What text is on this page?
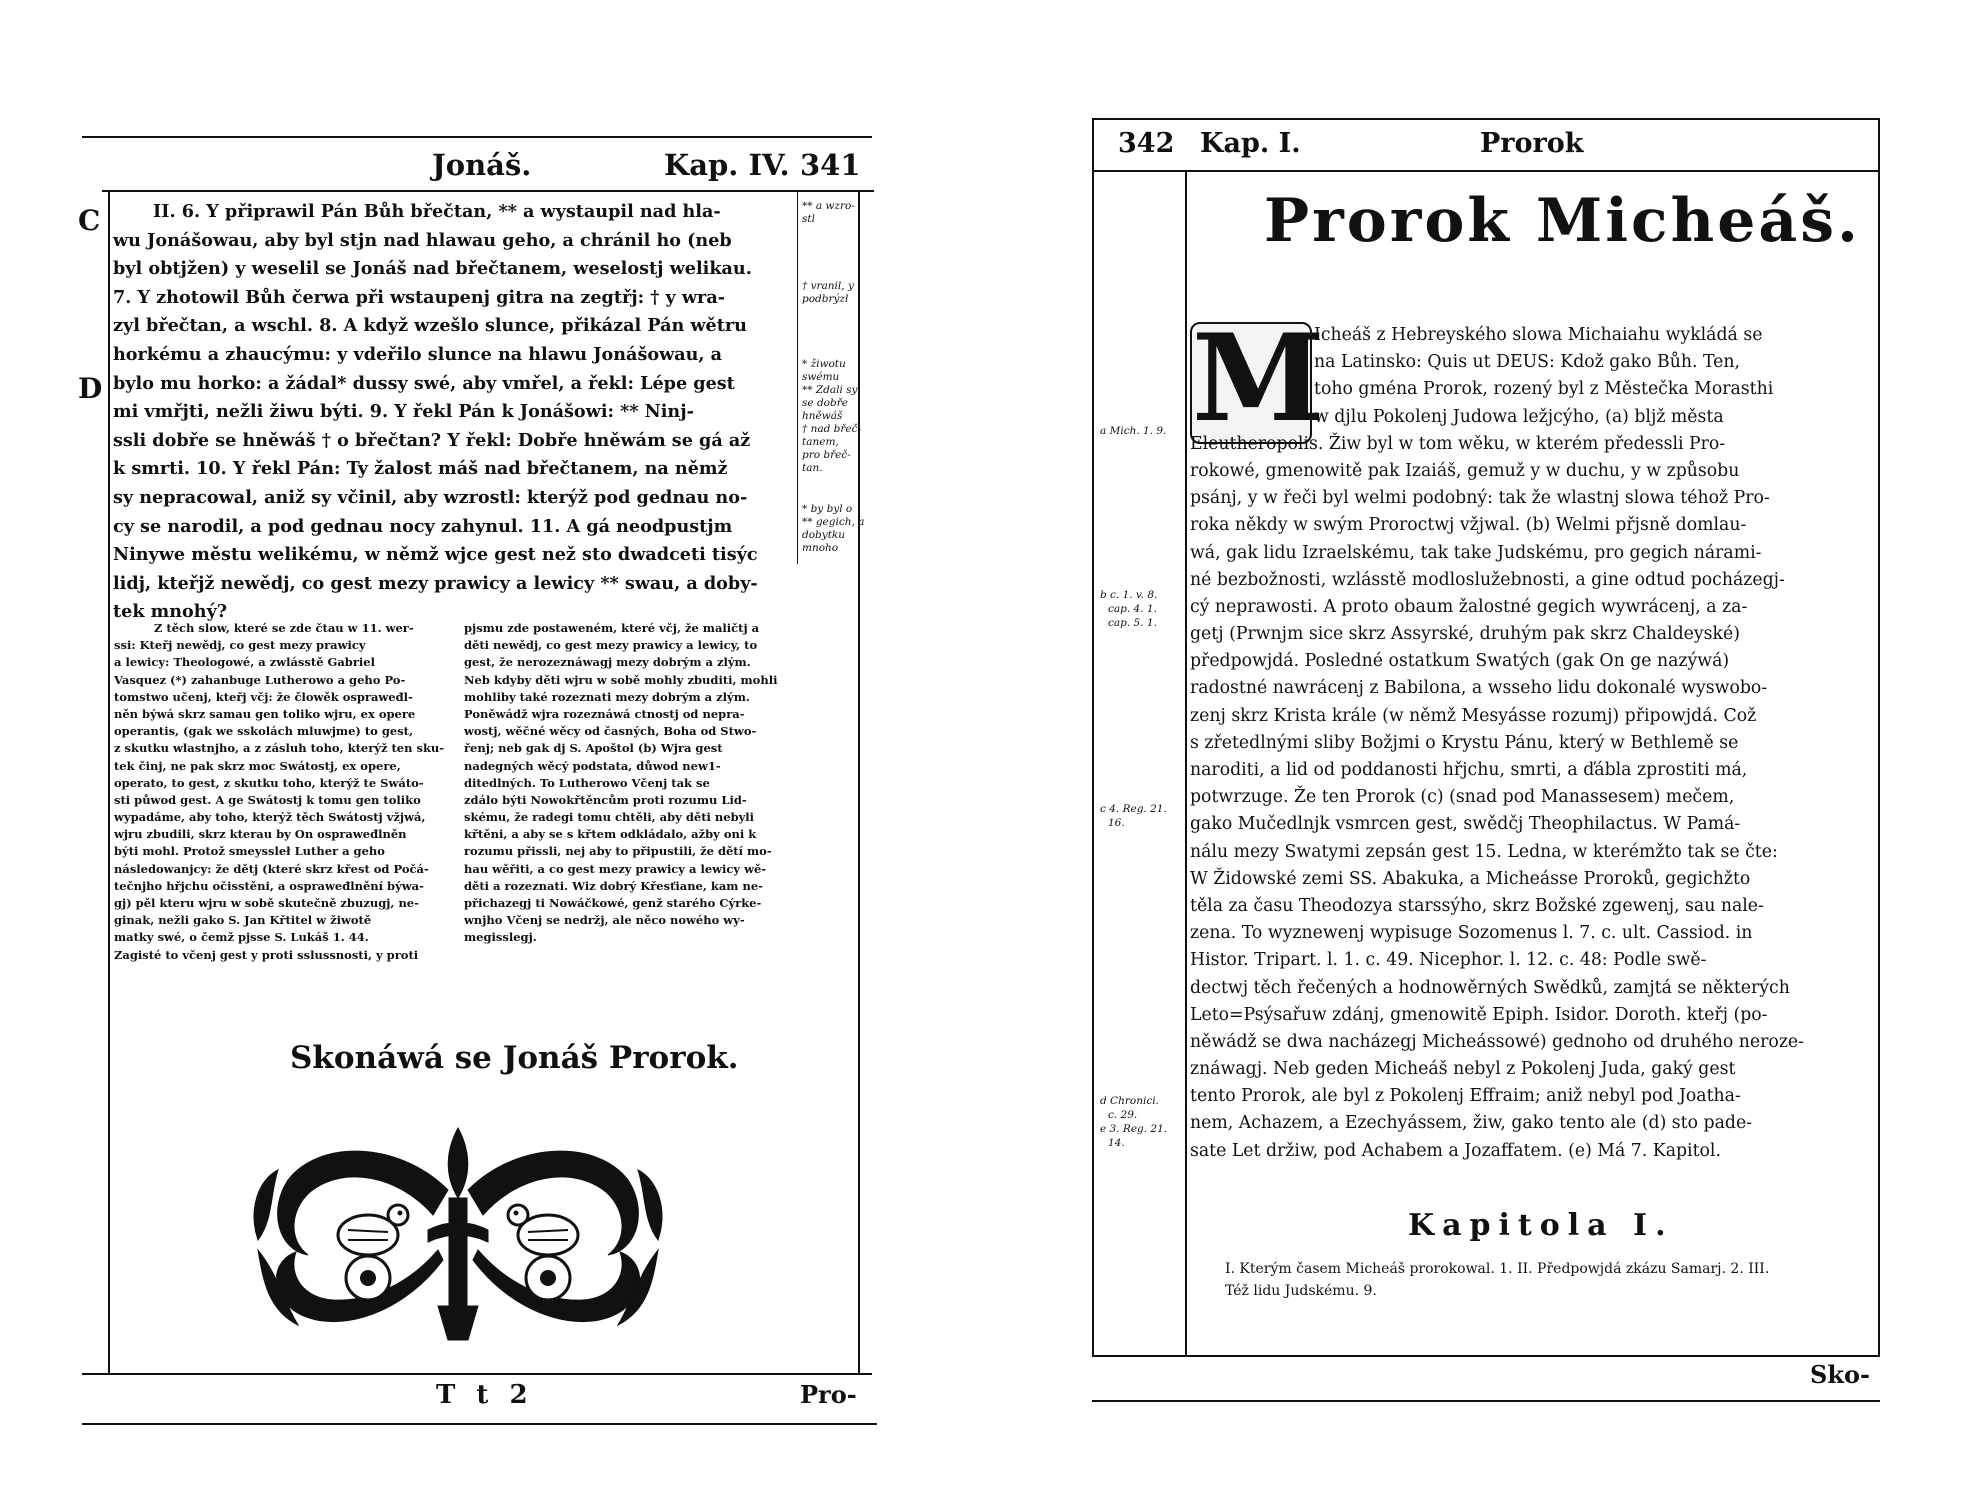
Jonáš.	Kap. IV. 341
C
D
II. 6. Y připrawil Pán Bůh břečtan, ** a wystaupil nad hla-
wu Jonášowau, aby byl stjn nad hlawau geho, a chránil ho (neb
byl obtjžen) y weselil se Jonáš nad břečtanem, weselostj welikau.
7. Y zhotowil Bůh čerwa při wstaupenj gitra na zegtřj: † y wra-
zyl břečtan, a wschl. 8. A když wzešlo slunce, přikázal Pán wětru
horkému a zhaucýmu: y vdeřilo slunce na hlawu Jonášowau, a
bylo mu horko: a žádal* dussy swé, aby vmřel, a řekl: Lépe gest
mi vmřjti, nežli žiwu býti. 9. Y řekl Pán k Jonášowi: ** Ninj-
ssli dobře se hněwáš † o břečtan? Y řekl: Dobře hněwám se gá až
k smrti. 10. Y řekl Pán: Ty žalost máš nad břečtanem, na němž
sy nepracowal, aniž sy včinil, aby wzrostl: kterýž pod gednau no-
cy se narodil, a pod gednau nocy zahynul. 11. A gá neodpustjm
Ninywe městu welikému, w němž wjce gest než sto dwadceti tisýc
lidj, kteřjž newědj, co gest mezy prawicy a lewicy ** swau, a doby-
tek mnohý?
** a wzro-
stl
† vranil, y
podbrýzl
* žiwotu
swému
** Zdali sy
se dobře
hněwáš
† nad břeč-
tanem,
pro břeč-
tan.
* by byl o
** gegich, a
dobytku
mnoho
Z těch slow, které se zde čtau w 11. wer-
ssi: Kteřj newědj, co gest mezy prawicy
a lewicy: Theologowé, a zwlásstě Gabriel
Vasquez (*) zahanbuge Lutherowo a geho Po-
tomstwo učenj, kteřj včj: že člowěk ospraweđl-
něn býwá skrz samau gen toliko wjru, ex opere
operantis, (gak we sskolách mluwjme) to gest,
z skutku wlastnjho, a z zásluh toho, kterýž ten sku-
tek činj, ne pak skrz moc Swátostj, ex opere,
operato, to gest, z skutku toho, kterýž te Swáto-
sti půwod gest. A ge Swátostj k tomu gen toliko
wypadáme, aby toho, kterýž těch Swátostj vžjwá,
wjru zbudili, skrz kterau by On ospraweđlněn
býti mohl. Protož smeyssleł Luther a geho
následowanjcy: že dětj (které skrz křest od Počá-
tečnjho hřjchu očisstěni, a ospraweđlnění býwa-
gj) pěl kteru wjru w sobě skutečně zbuzugj, ne-
ginak, nežli gako S. Jan Křtitel w žiwotě
matky swé, o čemž pjsse S. Lukáš 1. 44.
Zagisté to včenj gest y proti sslussnosti, y proti
pjsmu zde postaweném, které včj, že maličtj a
děti newědj, co gest mezy prawicy a lewicy, to
gest, že nerozeznáwagj mezy dobrým a zlým.
Neb kdyby děti wjru w sobě mohly zbuditi, mohli
mohliby také rozeznati mezy dobrým a zlým.
Poněwádž wjra rozeznáwá ctnostj od nepra-
wostj, wěčné wěcy od časných, Boha od Stwo-
řenj; neb gak dj S. Apoštol (b) Wjra gest
nadegných wěcý podstata, důwod new1-
ditedlných. To Lutherowo Včenj tak se
zdálo býti Nowokřtěncům proti rozumu Lid-
skému, že radegi tomu chtěli, aby děti nebyli
křtěni, a aby se s křtem odkládalo, ažby oni k
rozumu přissli, nej aby to připustili, že dětí mo-
hau wěřiti, a co gest mezy prawicy a lewicy wě-
děti a rozeznati. Wiz dobrý Křesťiane, kam ne-
přichazegj ti Nowáčkowé, genž starého Cýrke-
wnjho Včenj se nedržj, ale něco nowého wy-
megisslegj.
Skonáwá se Jonáš Prorok.
T t 2	Pro-
342 Kap. I.	Prorok
Prorok Micheáš.
M
a Mich. 1. 9.
b c. 1. v. 8.
cap. 4. 1.
cap. 5. 1.
c 4. Reg. 21.
16.
d Chronici.
c. 29.
e 3. Reg. 21.
14.
Icheáš z Hebreyského slowa Michaiahu wykládá se
na Latinsko: Quis ut DEUS: Kdož gako Bůh. Ten,
toho gména Prorok, rozený byl z Městečka Morasthi
w djlu Pokolenj Judowa ležjcýho, (a) bljž města
Eleutheropolis. Žiw byl w tom wěku, w kterém předessli Pro-
rokowé, gmenowitě pak Izaiáš, gemuž y w duchu, y w způsobu
psánj, y w řeči byl welmi podobný: tak že wlastnj slowa téhož Pro-
roka někdy w swým Proroctwj vžjwal. (b) Welmi přjsně domlau-
wá, gak lidu Izraelskému, tak take Judskému, pro gegich nárami-
né bezbožnosti, wzlásstě modloslužebnosti, a gine odtud pocházegj-
cý neprawosti. A proto obaum žalostné gegich wywrácenj, a za-
getj (Prwnjm sice skrz Assyrské, druhým pak skrz Chaldeyské)
předpowjdá. Posledné ostatkum Swatých (gak On ge nazýwá)
radostné nawrácenj z Babilona, a wsseho lidu dokonalé wyswobo-
zenj skrz Krista krále (w němž Mesyásse rozumj) připowjdá. Což
s zřetedlnými sliby Božjmi o Krystu Pánu, který w Bethlemě se
naroditi, a lid od poddanosti hřjchu, smrti, a ďábla zprostiti má,
potwrzuge. Že ten Prorok (c) (snad pod Manassesem) mečem,
gako Mučedlnjk vsmrcen gest, swědčj Theophilactus. W Pamá-
nálu mezy Swatymi zepsán gest 15. Ledna, w kterémžto tak se čte:
W Židowské zemi SS. Abakuka, a Micheásse Proroků, gegichžto
těla za času Theodozya starssýho, skrz Božské zgewenj, sau nale-
zena. To wyznewenj wypisuge Sozomenus l. 7. c. ult. Cassiod. in
Histor. Tripart. l. 1. c. 49. Nicephor. l. 12. c. 48: Podle swě-
dectwj těch řečených a hodnowěrných Swědků, zamjtá se některých
Leto=Psýsařuw zdánj, gmenowitě Epiph. Isidor. Doroth. kteřj (po-
něwádž se dwa nacházegj Micheássowé) gednoho od druhého neroze-
znáwagj. Neb geden Micheáš nebyl z Pokolenj Juda, gaký gest
tento Prorok, ale byl z Pokolenj Effraim; aniž nebyl pod Joatha-
nem, Achazem, a Ezechyássem, žiw, gako tento ale (d) sto pade-
sate Let držiw, pod Achabem a Jozaffatem. (e) Má 7. Kapitol.
Kapitola I.
I. Kterým časem Micheáš prorokowal. 1. II. Předpowjdá zkázu Samarj. 2. III.
Též lidu Judskému. 9.
Sko-
